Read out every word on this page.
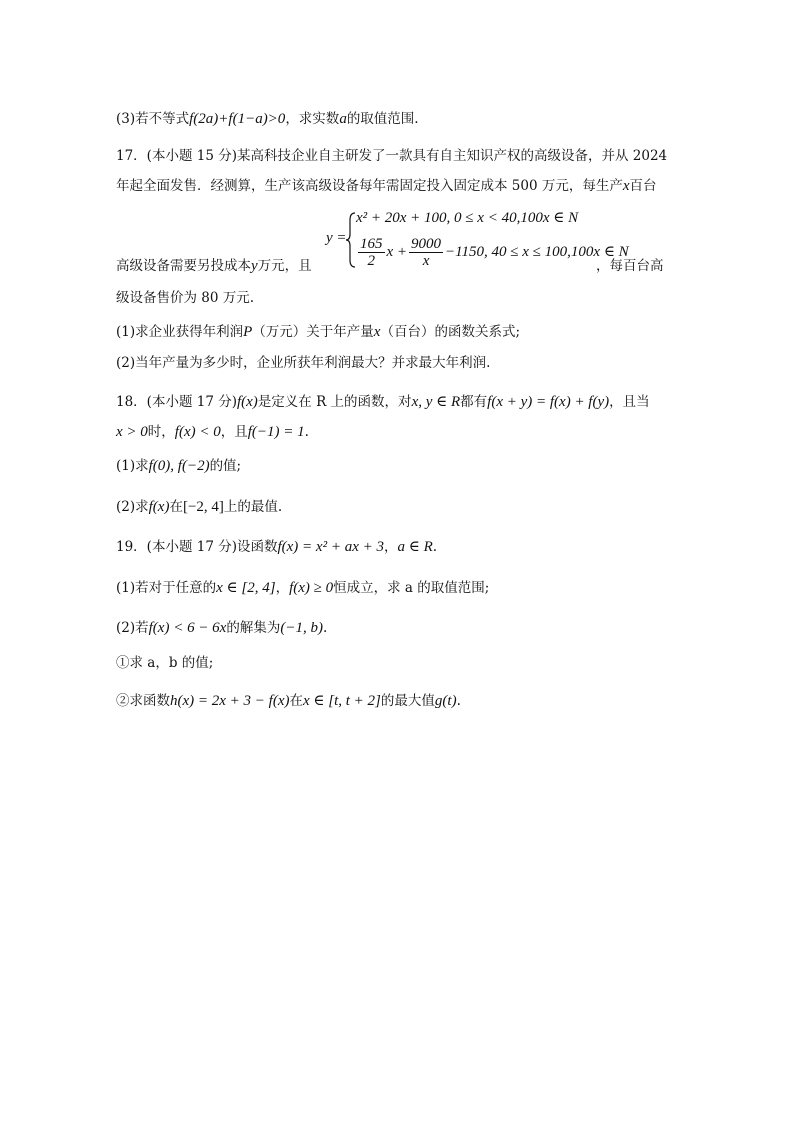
(3)若不等式f(2a)+f(1−a)>0，求实数a的取值范围.
17．(本小题 15 分)某高科技企业自主研发了一款具有自主知识产权的高级设备，并从 2024
年起全面发售．经测算，生产该高级设备每年需固定投入固定成本 500 万元，每生产x百台
y =
x² + 20x + 100, 0 ≤ x < 40,100x ∈ N
$\frac{165}{2}$ $x + \frac{9000}{x} -1150$, 40 ≤ x ≤ 100,100x ∈ N
高级设备需要另投成本y万元，且	，每百台高
级设备售价为 80 万元.
(1)求企业获得年利润P（万元）关于年产量x（百台）的函数关系式;
(2)当年产量为多少时，企业所获年利润最大？并求最大年利润.
18．(本小题 17 分)f(x)是定义在 R 上的函数，对x, y ∈ R都有f(x + y) = f(x) + f(y)，且当
x > 0时，f(x) < 0，且f(−1) = 1.
(1)求f(0), f(−2)的值;
(2)求f(x)在[−2, 4]上的最值.
19．(本小题 17 分)设函数f(x) = x² + ax + 3，a ∈ R.
(1)若对于任意的x ∈ [2, 4]，f(x) ≥ 0恒成立，求 a 的取值范围;
(2)若f(x) < 6 − 6x的解集为(−1, b).
①求 a，b 的值;
②求函数h(x) = 2x + 3 − f(x)在x ∈ [t, t + 2]的最大值g(t).
